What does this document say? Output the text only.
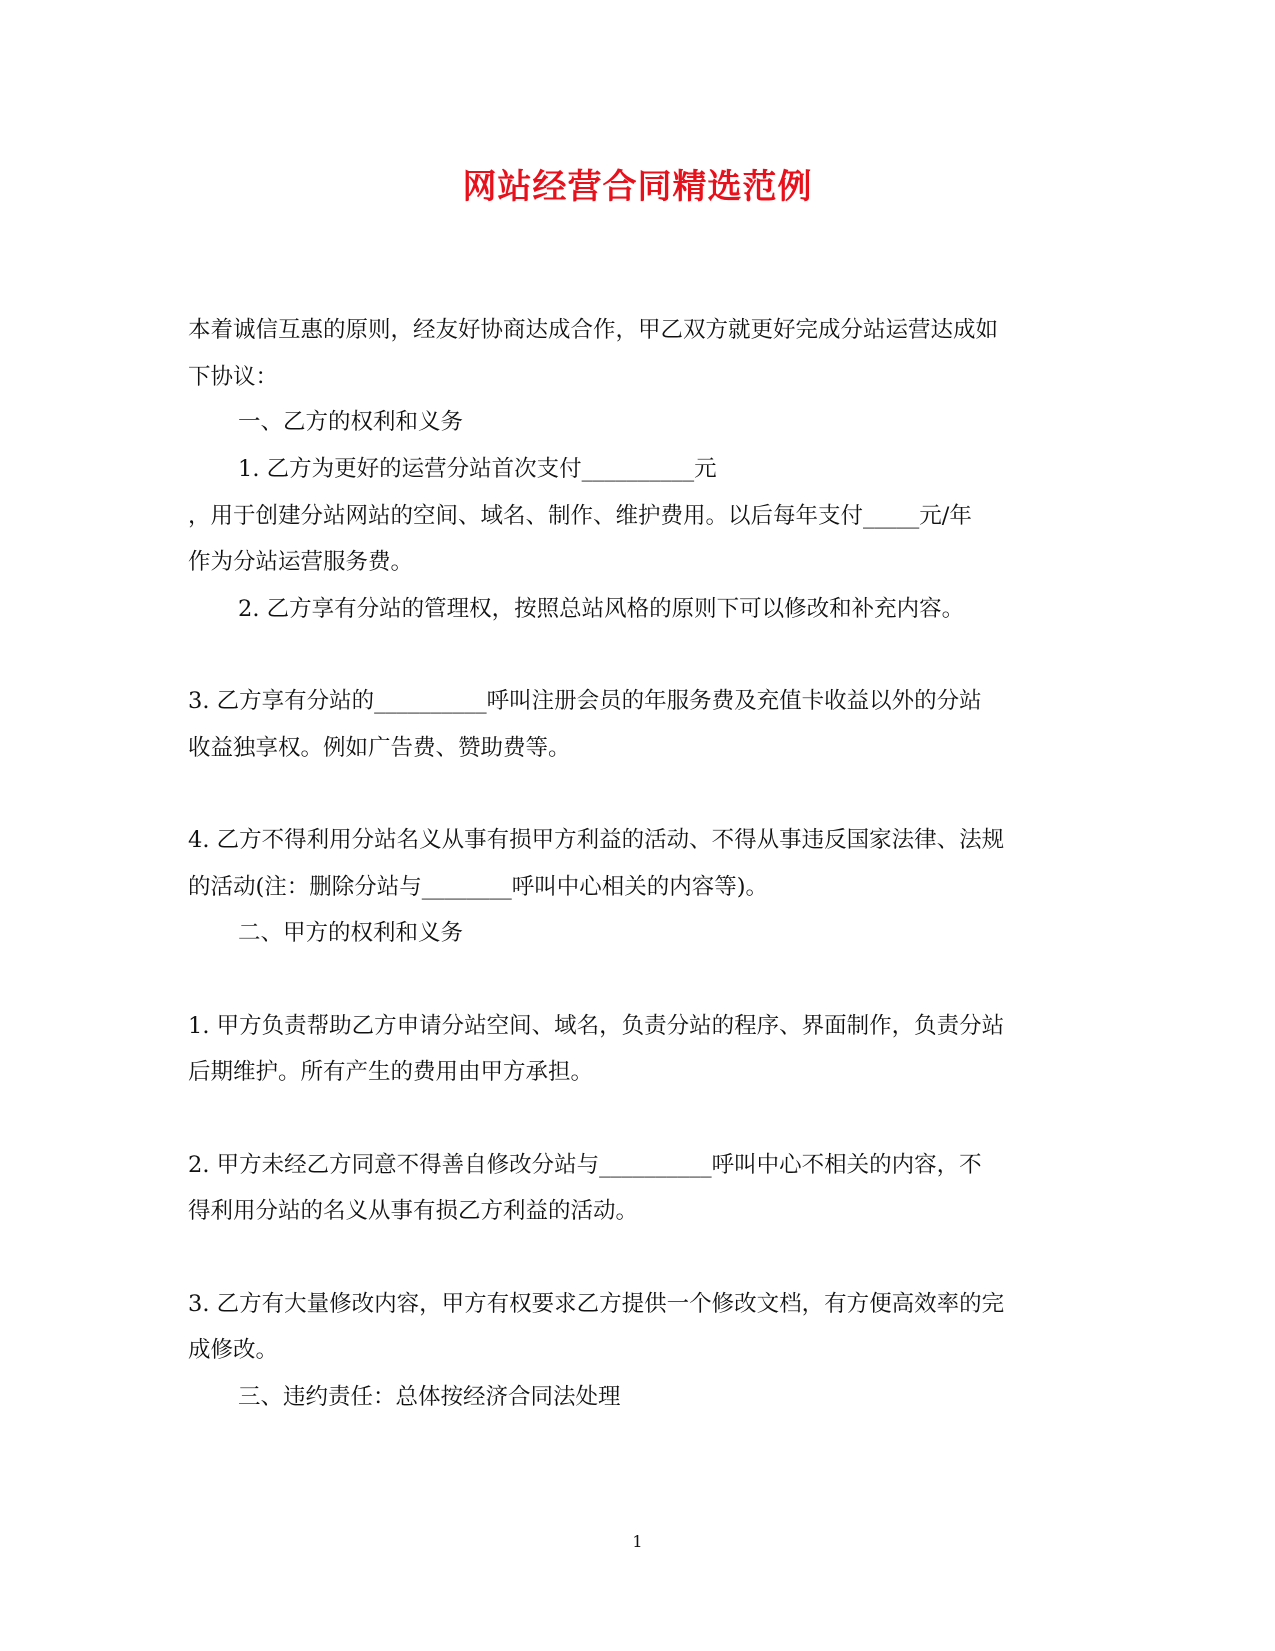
网站经营合同精选范例
本着诚信互惠的原则，经友好协商达成合作，甲乙双方就更好完成分站运营达成如
下协议：
一、乙方的权利和义务
1. 乙方为更好的运营分站首次支付__________元
，用于创建分站网站的空间、域名、制作、维护费用。以后每年支付_____元/年
作为分站运营服务费。
2. 乙方享有分站的管理权，按照总站风格的原则下可以修改和补充内容。
3. 乙方享有分站的__________呼叫注册会员的年服务费及充值卡收益以外的分站
收益独享权。例如广告费、赞助费等。
4. 乙方不得利用分站名义从事有损甲方利益的活动、不得从事违反国家法律、法规
的活动(注：删除分站与________呼叫中心相关的内容等)。
二、甲方的权利和义务
1. 甲方负责帮助乙方申请分站空间、域名，负责分站的程序、界面制作，负责分站
后期维护。所有产生的费用由甲方承担。
2. 甲方未经乙方同意不得善自修改分站与__________呼叫中心不相关的内容，不
得利用分站的名义从事有损乙方利益的活动。
3. 乙方有大量修改内容，甲方有权要求乙方提供一个修改文档，有方便高效率的完
成修改。
三、违约责任：总体按经济合同法处理
1
